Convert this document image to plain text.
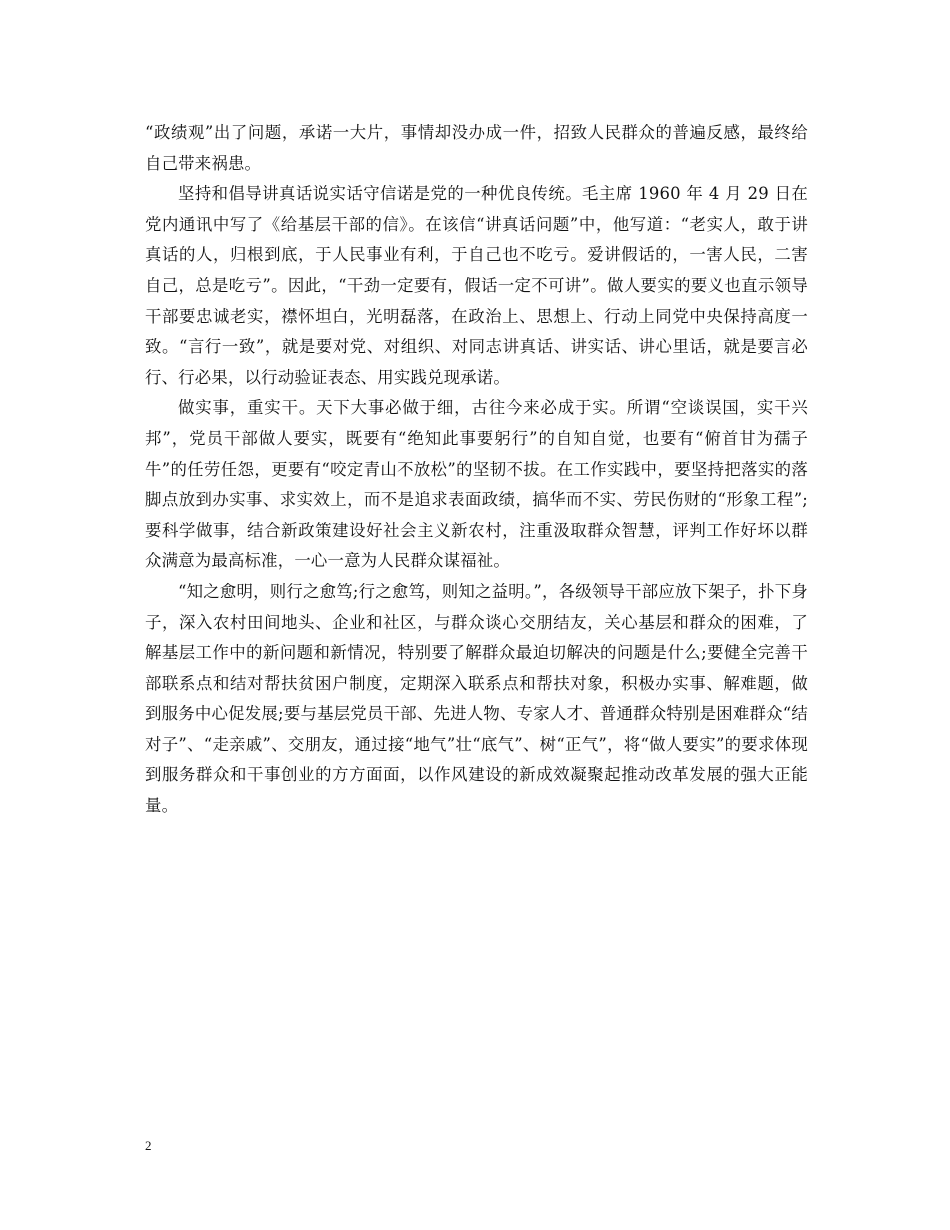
“政绩观”出了问题，承诺一大片，事情却没办成一件，招致人民群众的普遍反感，最终给自己带来祸患。

坚持和倡导讲真话说实话守信诺是党的一种优良传统。毛主席 1960 年 4 月 29 日在党内通讯中写了《给基层干部的信》。在该信“讲真话问题”中，他写道：“老实人，敢于讲真话的人，归根到底，于人民事业有利，于自己也不吃亏。爱讲假话的，一害人民，二害自己，总是吃亏”。因此，“干劲一定要有，假话一定不可讲”。做人要实的要义也直示领导干部要忠诚老实，襟怀坦白，光明磊落，在政治上、思想上、行动上同党中央保持高度一致。“言行一致”，就是要对党、对组织、对同志讲真话、讲实话、讲心里话，就是要言必行、行必果，以行动验证表态、用实践兑现承诺。

做实事，重实干。天下大事必做于细，古往今来必成于实。所谓“空谈误国，实干兴邦”，党员干部做人要实，既要有“绝知此事要躬行”的自知自觉，也要有“俯首甘为孺子牛”的任劳任怨，更要有“咬定青山不放松”的坚韧不拔。在工作实践中，要坚持把落实的落脚点放到办实事、求实效上，而不是追求表面政绩，搞华而不实、劳民伤财的“形象工程”;要科学做事，结合新政策建设好社会主义新农村，注重汲取群众智慧，评判工作好坏以群众满意为最高标准，一心一意为人民群众谋福祉。

“知之愈明，则行之愈笃;行之愈笃，则知之益明。”，各级领导干部应放下架子，扑下身子，深入农村田间地头、企业和社区，与群众谈心交朋结友，关心基层和群众的困难，了解基层工作中的新问题和新情况，特别要了解群众最迫切解决的问题是什么;要健全完善干部联系点和结对帮扶贫困户制度，定期深入联系点和帮扶对象，积极办实事、解难题，做到服务中心促发展;要与基层党员干部、先进人物、专家人才、普通群众特别是困难群众“结对子”、“走亲戚”、交朋友，通过接“地气”壮“底气”、树“正气”，将“做人要实”的要求体现到服务群众和干事创业的方方面面，以作风建设的新成效凝聚起推动改革发展的强大正能量。

2
